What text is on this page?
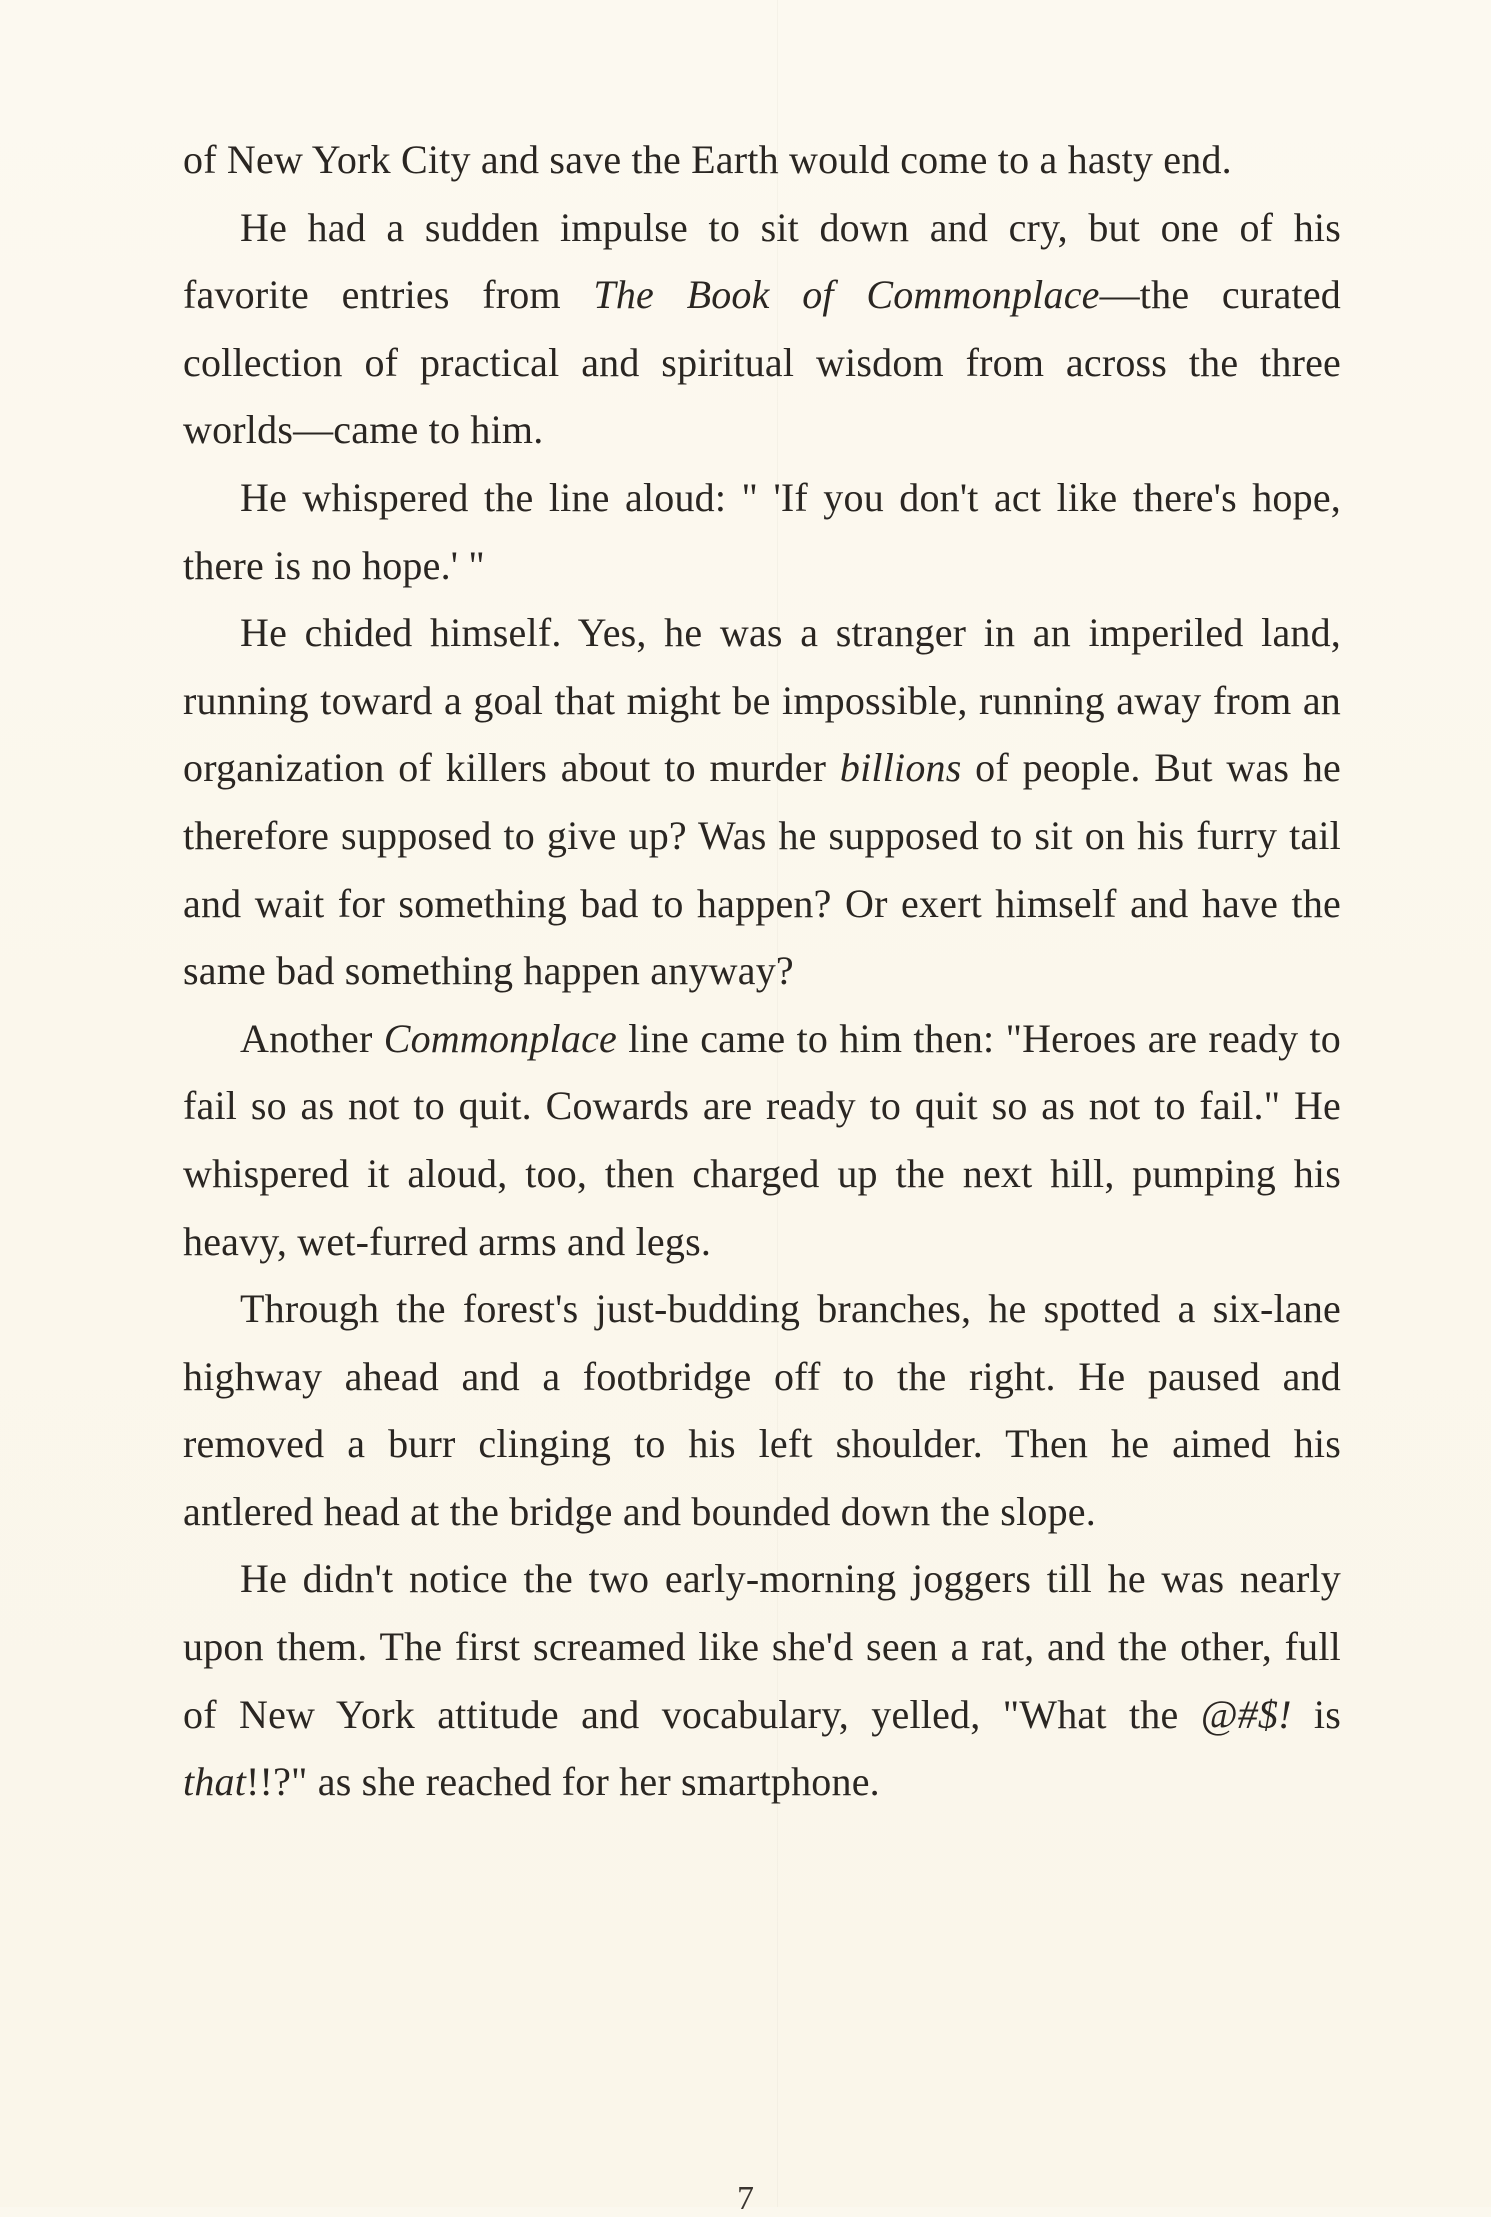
of New York City and save the Earth would come to a hasty end.

He had a sudden impulse to sit down and cry, but one of his favorite entries from The Book of Commonplace—the curated collection of practical and spiritual wisdom from across the three worlds—came to him.

He whispered the line aloud: " 'If you don't act like there's hope, there is no hope.' "

He chided himself. Yes, he was a stranger in an imperiled land, running toward a goal that might be impossible, running away from an organization of killers about to murder billions of people. But was he therefore supposed to give up? Was he supposed to sit on his furry tail and wait for something bad to happen? Or exert himself and have the same bad something happen anyway?

Another Commonplace line came to him then: "Heroes are ready to fail so as not to quit. Cowards are ready to quit so as not to fail." He whispered it aloud, too, then charged up the next hill, pumping his heavy, wet-furred arms and legs.

Through the forest's just-budding branches, he spotted a six-lane highway ahead and a footbridge off to the right. He paused and removed a burr clinging to his left shoulder. Then he aimed his antlered head at the bridge and bounded down the slope.

He didn't notice the two early-morning joggers till he was nearly upon them. The first screamed like she'd seen a rat, and the other, full of New York attitude and vocabulary, yelled, "What the @#$! is that!!?" as she reached for her smartphone.

7
